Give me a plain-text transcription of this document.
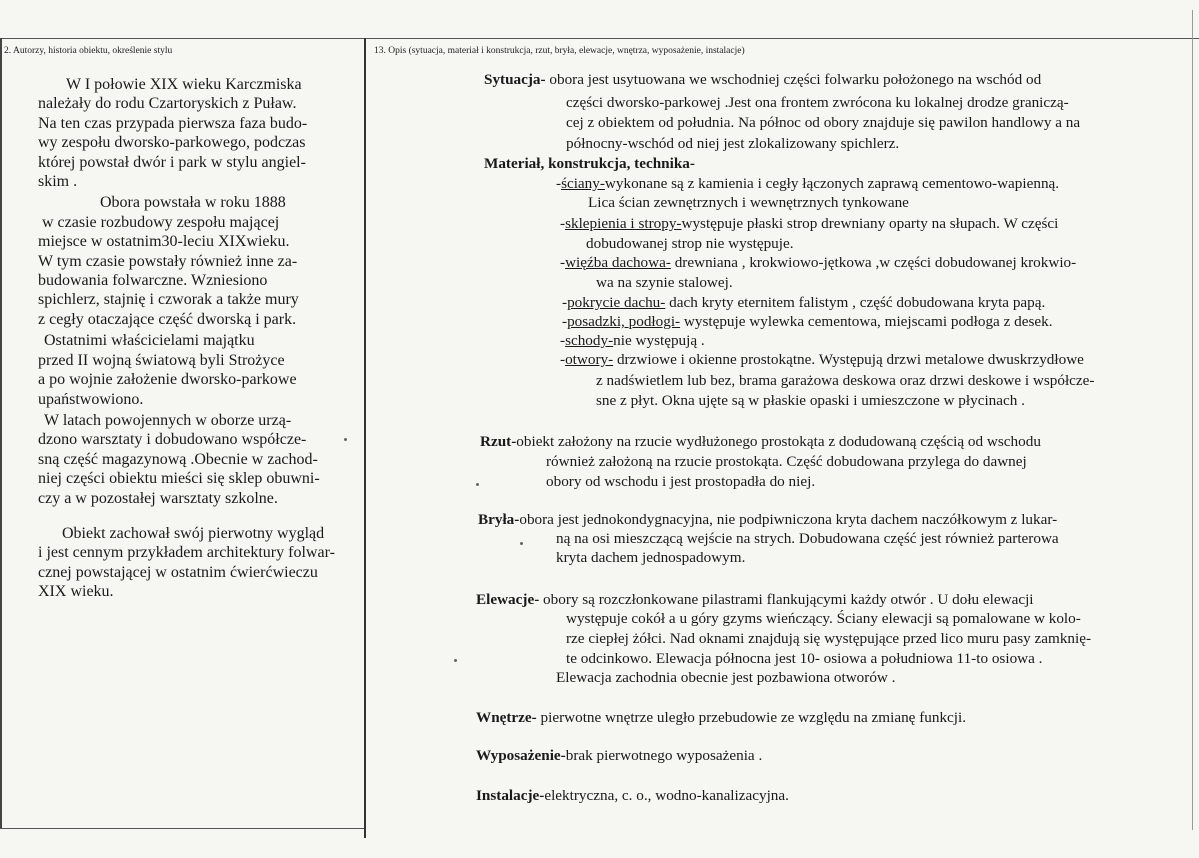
2. Autorzy, historia obiektu, określenie stylu	13. Opis (sytuacja, materiał i konstrukcja, rzut, bryła, elewacje, wnętrza, wyposażenie, instalacje)
W I połowie XIX wieku Karczmiska
należały do rodu Czartoryskich z Puław.
Na ten czas przypada pierwsza faza budo-
wy zespołu dworsko-parkowego, podczas
której powstał dwór i park w stylu angiel-
skim .
Obora powstała w roku 1888
w czasie rozbudowy zespołu mającej
miejsce w ostatnim30-leciu XIXwieku.
W tym czasie powstały również inne za-
budowania folwarczne. Wzniesiono
spichlerz, stajnię i czworak a także mury
z cegły otaczające część dworską i park.
Ostatnimi właścicielami majątku
przed II wojną światową byli Strożyce
a po wojnie założenie dworsko-parkowe
upaństwowiono.
W latach powojennych w oborze urzą-
dzono warsztaty i dobudowano współcze-
sną część magazynową .Obecnie w zachod-
niej części obiektu mieści się sklep obuwni-
czy a w pozostałej warsztaty szkolne.
Obiekt zachował swój pierwotny wygląd
i jest cennym przykładem architektury folwar-
cznej powstającej w ostatnim ćwierćwieczu
XIX wieku.
Sytuacja- obora jest usytuowana we wschodniej części folwarku położonego na wschód od
części dworsko-parkowej .Jest ona frontem zwrócona ku lokalnej drodze graniczą-
cej z obiektem od południa. Na północ od obory znajduje się pawilon handlowy a na
północny-wschód od niej jest zlokalizowany spichlerz.
Materiał, konstrukcja, technika-
-ściany-wykonane są z kamienia i cegły łączonych zaprawą cementowo-wapienną.
Lica ścian zewnętrznych i wewnętrznych tynkowane
-sklepienia i stropy-występuje płaski strop drewniany oparty na słupach. W części
dobudowanej strop nie występuje.
-więźba dachowa- drewniana , krokwiowo-jętkowa ,w części dobudowanej krokwio-
wa na szynie stalowej.
-pokrycie dachu- dach kryty eternitem falistym , część dobudowana kryta papą.
-posadzki, podłogi- występuje wylewka cementowa, miejscami podłoga z desek.
-schody-nie występują .
-otwory- drzwiowe i okienne prostokątne. Występują drzwi metalowe dwuskrzydłowe
z nadświetlem lub bez, brama garażowa deskowa oraz drzwi deskowe i współcze-
sne z płyt. Okna ujęte są w płaskie opaski i umieszczone w płycinach .
Rzut-obiekt założony na rzucie wydłużonego prostokąta z dodudowaną częścią od wschodu
również założoną na rzucie prostokąta. Część dobudowana przylega do dawnej
obory od wschodu i jest prostopadła do niej.
Bryła-obora jest jednokondygnacyjna, nie podpiwniczona kryta dachem naczółkowym z lukar-
ną na osi mieszczącą wejście na strych. Dobudowana część jest również parterowa
kryta dachem jednospadowym.
Elewacje- obory są rozczłonkowane pilastrami flankującymi każdy otwór . U dołu elewacji
występuje cokół a u góry gzyms wieńczący. Ściany elewacji są pomalowane w kolo-
rze ciepłej żółci. Nad oknami znajdują się występujące przed lico muru pasy zamknię-
te odcinkowo. Elewacja północna jest 10- osiowa a południowa 11-to osiowa .
Elewacja zachodnia obecnie jest pozbawiona otworów .
Wnętrze- pierwotne wnętrze uległo przebudowie ze względu na zmianę funkcji.
Wyposażenie-brak pierwotnego wyposażenia .
Instalacje-elektryczna, c. o., wodno-kanalizacyjna.
